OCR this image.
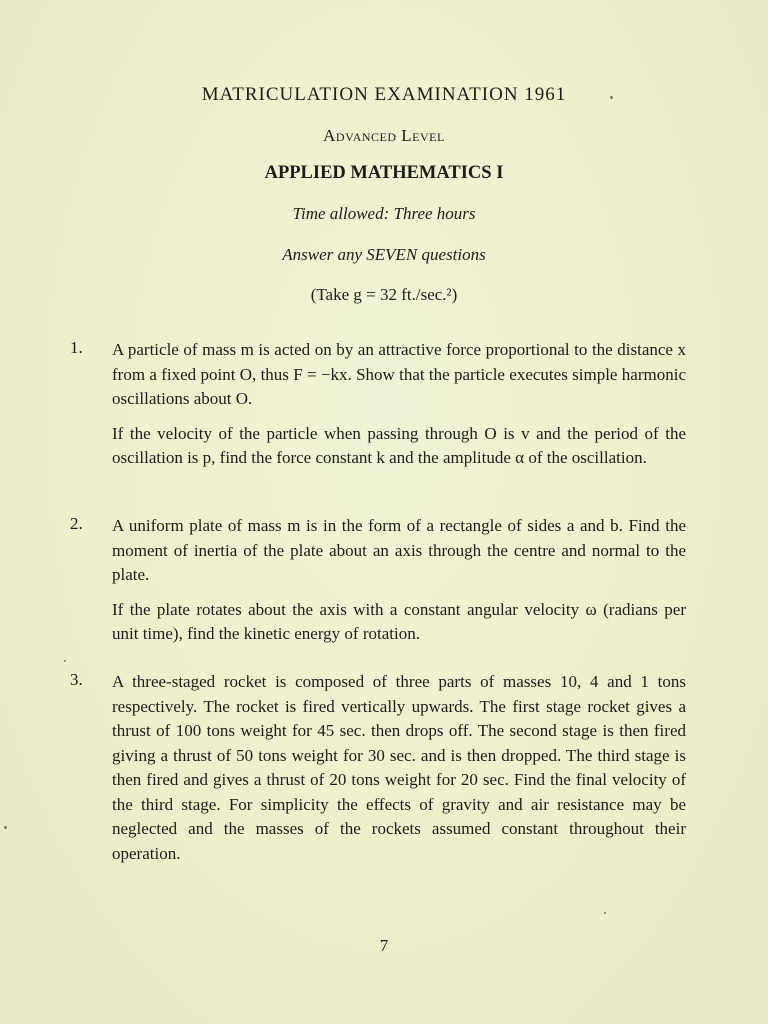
MATRICULATION EXAMINATION 1961
Advanced Level
APPLIED MATHEMATICS I
Time allowed: Three hours
Answer any SEVEN questions
(Take g = 32 ft./sec.²)
1. A particle of mass m is acted on by an attractive force proportional to the distance x from a fixed point O, thus F = −kx. Show that the particle executes simple harmonic oscillations about O.

If the velocity of the particle when passing through O is v and the period of the oscillation is p, find the force constant k and the amplitude α of the oscillation.

2. A uniform plate of mass m is in the form of a rectangle of sides a and b. Find the moment of inertia of the plate about an axis through the centre and normal to the plate.

If the plate rotates about the axis with a constant angular velocity ω (radians per unit time), find the kinetic energy of rotation.

3. A three-staged rocket is composed of three parts of masses 10, 4 and 1 tons respectively. The rocket is fired vertically upwards. The first stage rocket gives a thrust of 100 tons weight for 45 sec. then drops off. The second stage is then fired giving a thrust of 50 tons weight for 30 sec. and is then dropped. The third stage is then fired and gives a thrust of 20 tons weight for 20 sec. Find the final velocity of the third stage. For simplicity the effects of gravity and air resistance may be neglected and the masses of the rockets assumed constant throughout their operation.

7
